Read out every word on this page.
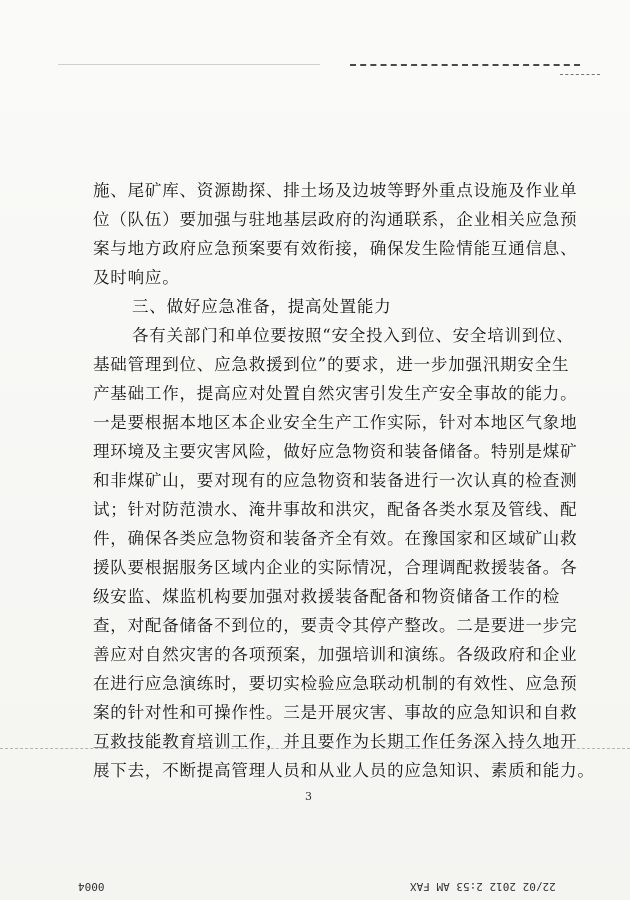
施、尾矿库、资源勘探、排土场及边坡等野外重点设施及作业单
位（队伍）要加强与驻地基层政府的沟通联系，企业相关应急预
案与地方政府应急预案要有效衔接，确保发生险情能互通信息、
及时响应。
三、做好应急准备，提高处置能力
各有关部门和单位要按照“安全投入到位、安全培训到位、
基础管理到位、应急救援到位”的要求，进一步加强汛期安全生
产基础工作，提高应对处置自然灾害引发生产安全事故的能力。
一是要根据本地区本企业安全生产工作实际，针对本地区气象地
理环境及主要灾害风险，做好应急物资和装备储备。特别是煤矿
和非煤矿山，要对现有的应急物资和装备进行一次认真的检查测
试；针对防范溃水、淹井事故和洪灾，配备各类水泵及管线、配
件，确保各类应急物资和装备齐全有效。在豫国家和区域矿山救
援队要根据服务区域内企业的实际情况，合理调配救援装备。各
级安监、煤监机构要加强对救援装备配备和物资储备工作的检
查，对配备储备不到位的，要责令其停产整改。二是要进一步完
善应对自然灾害的各项预案，加强培训和演练。各级政府和企业
在进行应急演练时，要切实检验应急联动机制的有效性、应急预
案的针对性和可操作性。三是开展灾害、事故的应急知识和自救
互救技能教育培训工作，并且要作为长期工作任务深入持久地开
展下去，不断提高管理人员和从业人员的应急知识、素质和能力。
3
0004	22/02 2012 2:53 AM FAX
